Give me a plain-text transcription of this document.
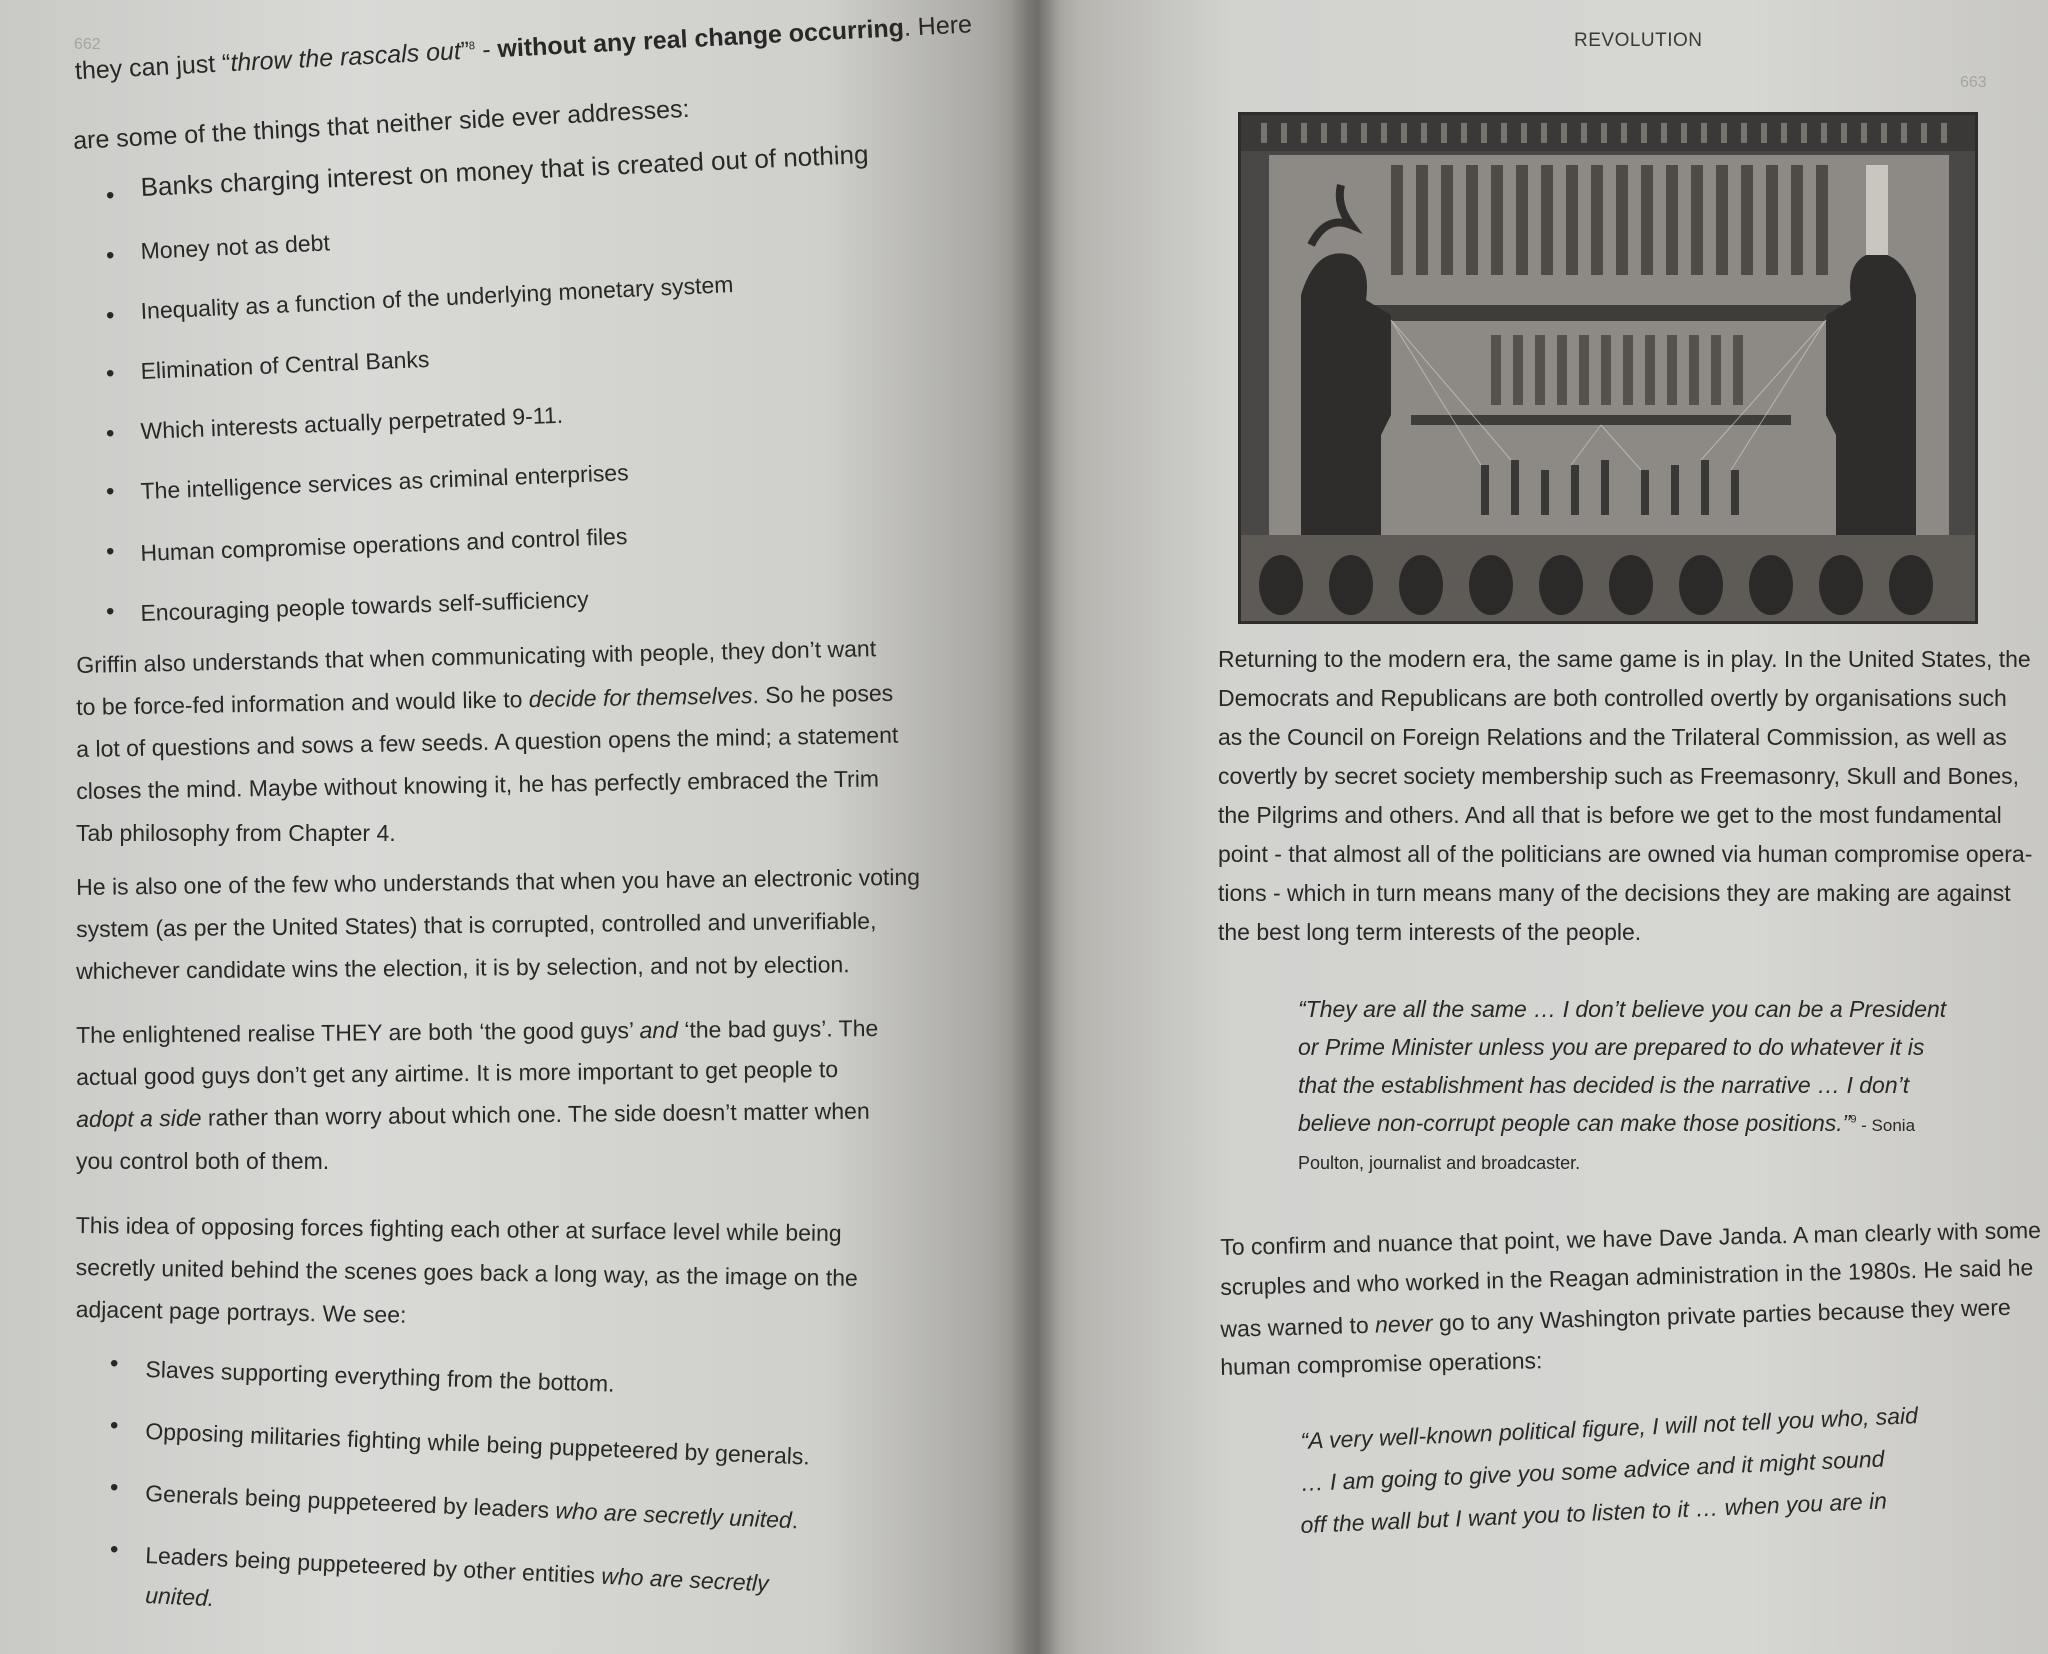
662
they can just “throw the rascals out”$^8$ - without any real change occurring. Here
are some of the things that neither side ever addresses:
• Banks charging interest on money that is created out of nothing
• Money not as debt
• Inequality as a function of the underlying monetary system
• Elimination of Central Banks
• Which interests actually perpetrated 9-11.
• The intelligence services as criminal enterprises
• Human compromise operations and control files
• Encouraging people towards self-sufficiency
Griffin also understands that when communicating with people, they don’t want
to be force-fed information and would like to decide for themselves. So he poses
a lot of questions and sows a few seeds. A question opens the mind; a statement
closes the mind. Maybe without knowing it, he has perfectly embraced the Trim
Tab philosophy from Chapter 4.
He is also one of the few who understands that when you have an electronic voting
system (as per the United States) that is corrupted, controlled and unverifiable,
whichever candidate wins the election, it is by selection, and not by election.
The enlightened realise THEY are both ‘the good guys’ and ‘the bad guys’. The
actual good guys don’t get any airtime. It is more important to get people to
adopt a side rather than worry about which one. The side doesn’t matter when
you control both of them.
This idea of opposing forces fighting each other at surface level while being
secretly united behind the scenes goes back a long way, as the image on the
adjacent page portrays. We see:
• Slaves supporting everything from the bottom.
• Opposing militaries fighting while being puppeteered by generals.
• Generals being puppeteered by leaders who are secretly united.
• Leaders being puppeteered by other entities who are secretly
united.
REVOLUTION
663
Returning to the modern era, the same game is in play. In the United States, the
Democrats and Republicans are both controlled overtly by organisations such
as the Council on Foreign Relations and the Trilateral Commission, as well as
covertly by secret society membership such as Freemasonry, Skull and Bones,
the Pilgrims and others. And all that is before we get to the most fundamental
point - that almost all of the politicians are owned via human compromise opera-
tions - which in turn means many of the decisions they are making are against
the best long term interests of the people.
“They are all the same … I don’t believe you can be a President
or Prime Minister unless you are prepared to do whatever it is
that the establishment has decided is the narrative … I don’t
believe non-corrupt people can make those positions.”$^9$ - Sonia
Poulton, journalist and broadcaster.
To confirm and nuance that point, we have Dave Janda. A man clearly with some
scruples and who worked in the Reagan administration in the 1980s. He said he
was warned to never go to any Washington private parties because they were
human compromise operations:
“A very well-known political figure, I will not tell you who, said
… I am going to give you some advice and it might sound
off the wall but I want you to listen to it … when you are in
